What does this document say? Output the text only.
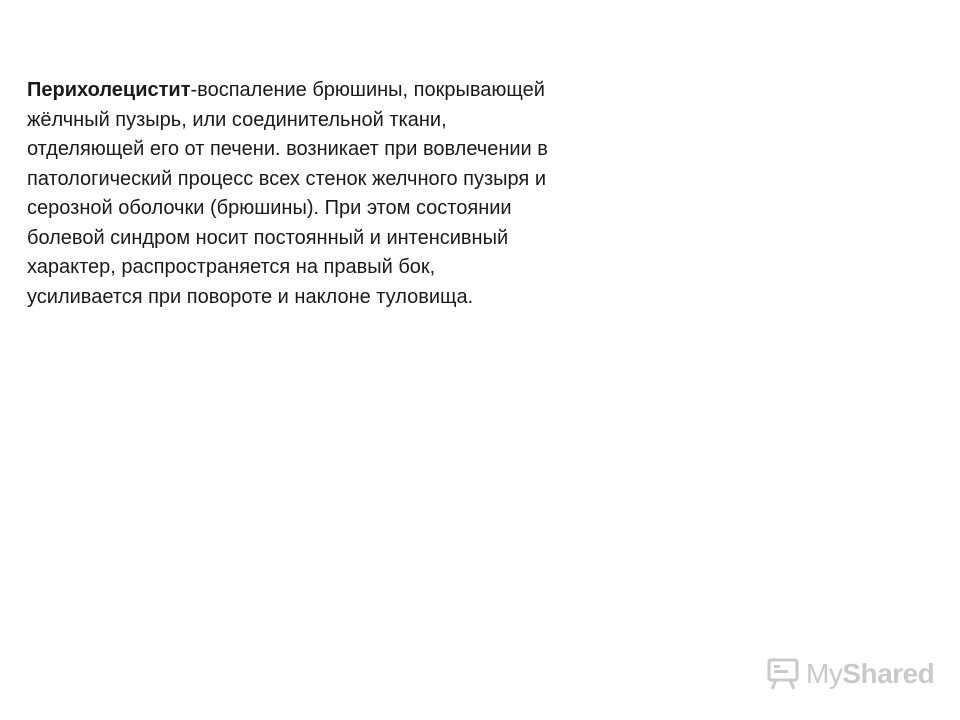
Перихолецистит-воспаление брюшины, покрывающей
жёлчный пузырь, или соединительной ткани,
отделяющей его от печени. возникает при вовлечении в
патологический процесс всех стенок желчного пузыря и
серозной оболочки (брюшины). При этом состоянии
болевой синдром носит постоянный и интенсивный
характер, распространяется на правый бок,
усиливается при повороте и наклоне туловища.
MyShared
